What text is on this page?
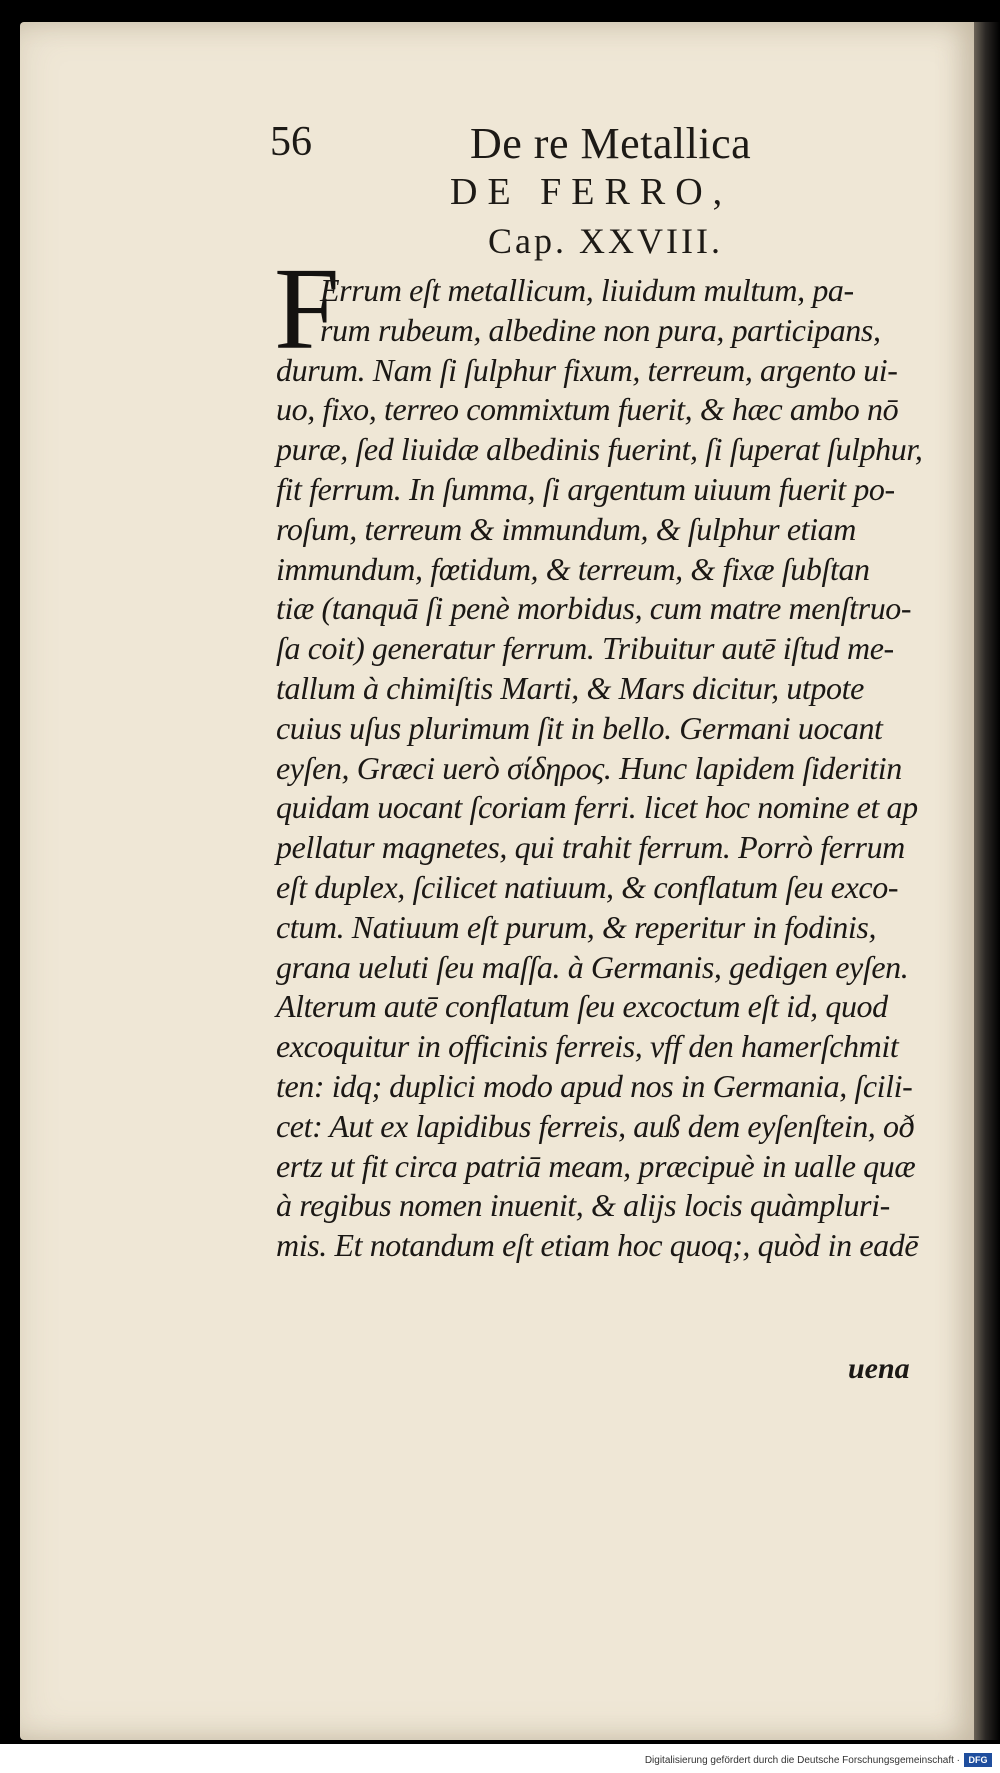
56	De re Metallica
DE FERRO,
Cap. XXVIII.
F
Errum eſt metallicum, liuidum multum, pa-
rum rubeum, albedine non pura, participans,
durum. Nam ſi ſulphur fixum, terreum, argento ui-
uo, fixo, terreo commixtum fuerit, & hæc ambo nō
puræ, ſed liuidæ albedinis fuerint, ſi ſuperat ſulphur,
fit ferrum. In ſumma, ſi argentum uiuum fuerit po-
roſum, terreum & immundum, & ſulphur etiam
immundum, fœtidum, & terreum, & fixæ ſubſtan
tiæ (tanquā ſi penè morbidus, cum matre menſtruo-
ſa coit) generatur ferrum. Tribuitur autē iſtud me-
tallum à chimiſtis Marti, & Mars dicitur, utpote
cuius uſus plurimum ſit in bello. Germani uocant
eyſen, Græci uerò σίδηρος. Hunc lapidem ſideritin
quidam uocant ſcoriam ferri. licet hoc nomine et ap
pellatur magnetes, qui trahit ferrum. Porrò ferrum
eſt duplex, ſcilicet natiuum, & conflatum ſeu exco-
ctum. Natiuum eſt purum, & reperitur in fodinis,
grana ueluti ſeu maſſa. à Germanis, gedigen eyſen.
Alterum autē conflatum ſeu excoctum eſt id, quod
excoquitur in officinis ferreis, vff den hamerſchmit
ten: idq; duplici modo apud nos in Germania, ſcili-
cet: Aut ex lapidibus ferreis, auß dem eyſenſtein, oð
ertz ut fit circa patriā meam, præcipuè in ualle quæ
à regibus nomen inuenit, & alijs locis quàmpluri-
mis. Et notandum eſt etiam hoc quoq;, quòd in eadē
uena
Digitalisierung gefördert durch die Deutsche Forschungsgemeinschaft · DFG
